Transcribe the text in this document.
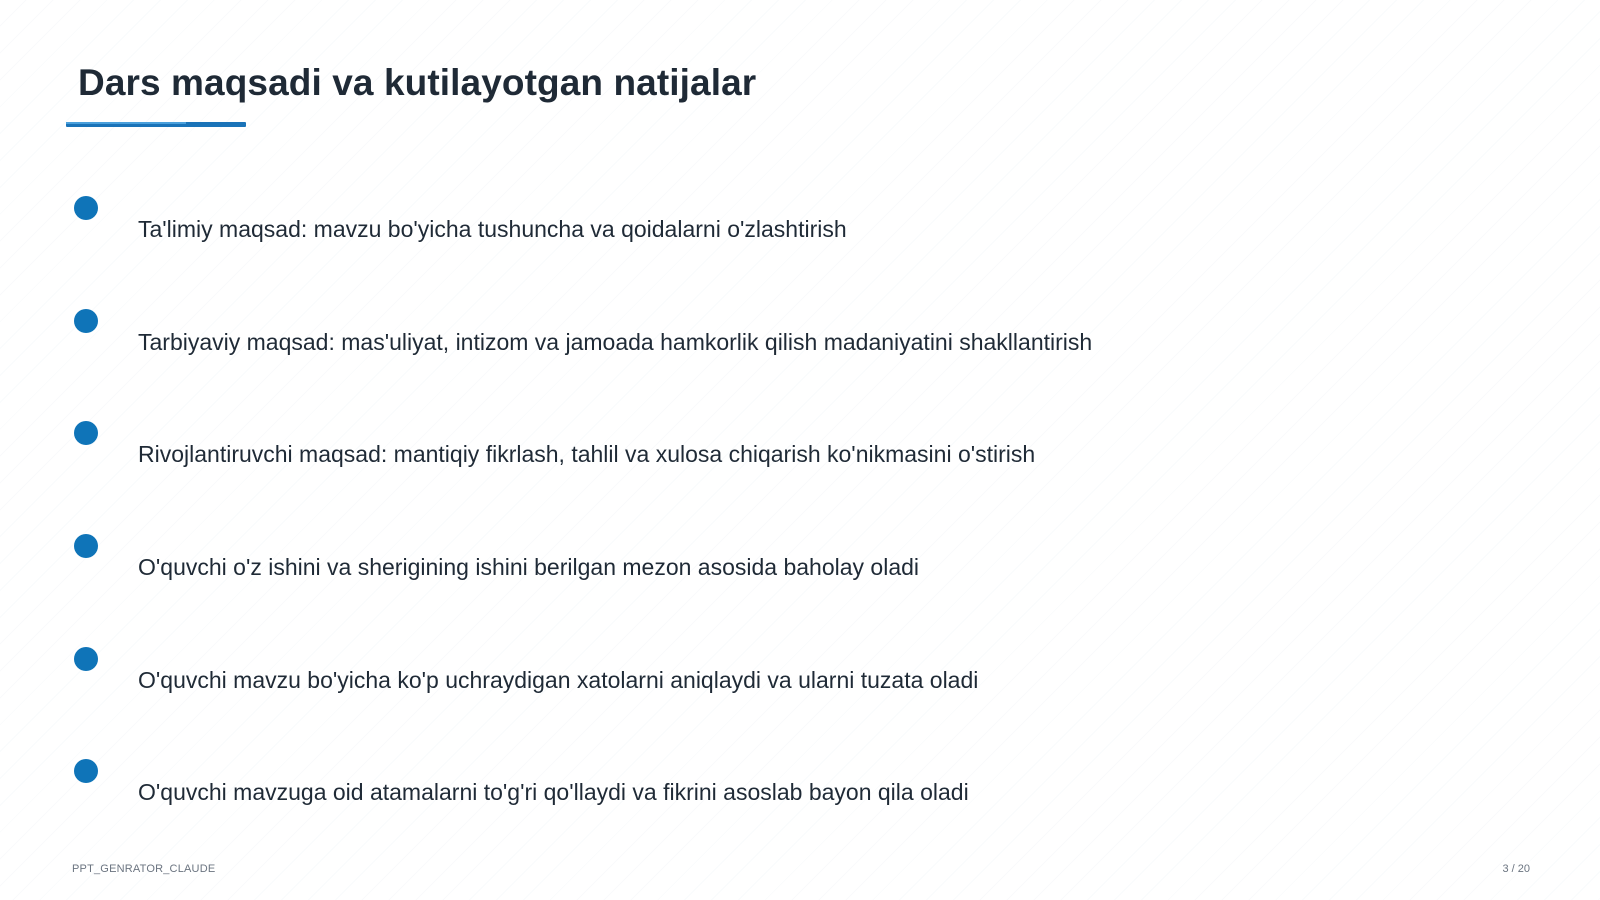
Dars maqsadi va kutilayotgan natijalar
Ta'limiy maqsad: mavzu bo'yicha tushuncha va qoidalarni o'zlashtirish
Tarbiyaviy maqsad: mas'uliyat, intizom va jamoada hamkorlik qilish madaniyatini shakllantirish
Rivojlantiruvchi maqsad: mantiqiy fikrlash, tahlil va xulosa chiqarish ko'nikmasini o'stirish
O'quvchi o'z ishini va sherigining ishini berilgan mezon asosida baholay oladi
O'quvchi mavzu bo'yicha ko'p uchraydigan xatolarni aniqlaydi va ularni tuzata oladi
O'quvchi mavzuga oid atamalarni to'g'ri qo'llaydi va fikrini asoslab bayon qila oladi
PPT_GENRATOR_CLAUDE	3 / 20
